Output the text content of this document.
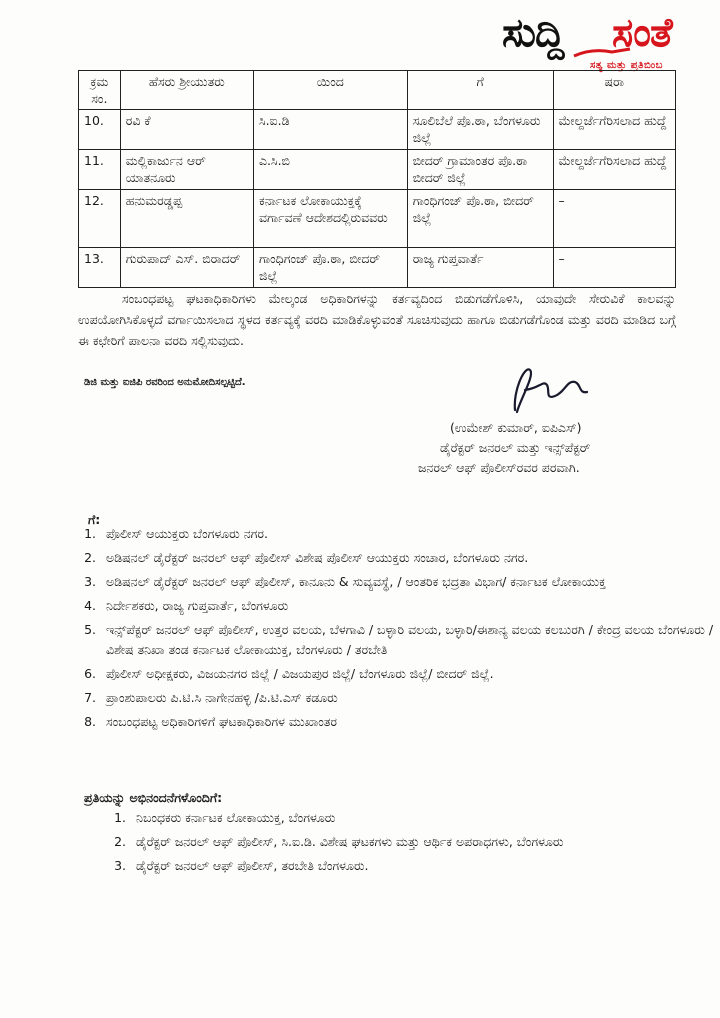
ಸುದ್ದಿ ಸಂತೆ
ಸತ್ಯ ಮತ್ತು ಪ್ರತಿಬಿಂಬ
ಕ್ರಮ ಸಂ.	ಹೆಸರು ಶ್ರೀಯುತರು	ಯಿಂದ	ಗೆ	ಷರಾ
10.	ರವಿ ಕೆ	ಸಿ.ಐ.ಡಿ	ಸೂಲಿಬೆಲೆ ಪೊ.ಠಾ, ಬೆಂಗಳೂರು ಜಿಲ್ಲೆ	ಮೇಲ್ದರ್ಜೆಗೆರಿಸಲಾದ ಹುದ್ದೆ
11.	ಮಲ್ಲಿಕಾರ್ಜುನ ಆರ್ ಯಾತನೂರು	ಎ.ಸಿ.ಬಿ	ಬೀದರ್ ಗ್ರಾಮಾಂತರ ಪೊ.ಠಾ ಬೀದರ್ ಜಿಲ್ಲೆ	ಮೇಲ್ದರ್ಜೆಗೆರಿಸಲಾದ ಹುದ್ದೆ
12.	ಹನುಮರಡ್ಡಪ್ಪ	ಕರ್ನಾಟಕ ಲೋಕಾಯುಕ್ತಕ್ಕೆ ವರ್ಗಾವಣೆ ಆದೇಶದಲ್ಲಿರುವವರು	ಗಾಂಧಿಗಂಜ್ ಪೊ.ಠಾ, ಬೀದರ್ ಜಿಲ್ಲೆ	–
13.	ಗುರುಪಾದ್ ಎಸ್. ಬಿರಾದರ್	ಗಾಂಧಿಗಂಜ್ ಪೊ.ಠಾ, ಬೀದರ್ ಜಿಲ್ಲೆ	ರಾಜ್ಯ ಗುಪ್ತವಾರ್ತೆ	–
ಸಂಬಂಧಪಟ್ಟ ಘಟಕಾಧಿಕಾರಿಗಳು ಮೇಲ್ಕಂಡ ಅಧಿಕಾರಿಗಳನ್ನು ಕರ್ತವ್ಯದಿಂದ ಬಿಡುಗಡೆಗೊಳಿಸಿ, ಯಾವುದೇ ಸೇರುವಿಕೆ ಕಾಲವನ್ನು ಉಪಯೋಗಿಸಿಕೊಳ್ಳದೆ ವರ್ಗಾಯಿಸಲಾದ ಸ್ಥಳದ ಕರ್ತವ್ಯಕ್ಕೆ ವರದಿ ಮಾಡಿಕೊಳ್ಳುವಂತೆ ಸೂಚಿಸುವುದು ಹಾಗೂ ಬಿಡುಗಡೆಗೊಂಡ ಮತ್ತು ವರದಿ ಮಾಡಿದ ಬಗ್ಗೆ ಈ ಕಛೇರಿಗೆ ಪಾಲನಾ ವರದಿ ಸಲ್ಲಿಸುವುದು.
ಡಿಜಿ ಮತ್ತು ಐಜಿಪಿ ರವರಿಂದ ಅನುಮೋದಿಸಲ್ಪಟ್ಟಿದೆ.
(ಉಮೇಶ್ ಕುಮಾರ್, ಐಪಿಎಸ್)
ಡೈರೆಕ್ಟರ್ ಜನರಲ್ ಮತ್ತು ಇನ್ಸ್‌ಪೆಕ್ಟರ್
ಜನರಲ್ ಆಫ್ ಪೊಲೀಸ್‌ರವರ ಪರವಾಗಿ.
ಗೆ:
1. ಪೊಲೀಸ್ ಆಯುಕ್ತರು ಬೆಂಗಳೂರು ನಗರ.
2. ಅಡಿಷನಲ್ ಡೈರೆಕ್ಟರ್ ಜನರಲ್ ಆಫ್ ಪೊಲೀಸ್ ವಿಶೇಷ ಪೊಲೀಸ್ ಆಯುಕ್ತರು ಸಂಚಾರ, ಬೆಂಗಳೂರು ನಗರ.
3. ಅಡಿಷನಲ್ ಡೈರೆಕ್ಟರ್ ಜನರಲ್ ಆಫ್ ಪೊಲೀಸ್, ಕಾನೂನು & ಸುವ್ಯವಸ್ಥೆ, / ಆಂತರಿಕ ಭದ್ರತಾ ವಿಭಾಗ/ ಕರ್ನಾಟಕ ಲೋಕಾಯುಕ್ತ
4. ನಿರ್ದೇಶಕರು, ರಾಜ್ಯ ಗುಪ್ತವಾರ್ತೆ, ಬೆಂಗಳೂರು
5. ಇನ್ಸ್‌ಪೆಕ್ಟರ್ ಜನರಲ್ ಆಫ್ ಪೊಲೀಸ್, ಉತ್ತರ ವಲಯ, ಬೆಳಗಾವಿ / ಬಳ್ಳಾರಿ ವಲಯ, ಬಳ್ಳಾರಿ/ಈಶಾನ್ಯ ವಲಯ ಕಲಬುರಗಿ / ಕೇಂದ್ರ ವಲಯ ಬೆಂಗಳೂರು / ವಿಶೇಷ ತನಿಖಾ ತಂಡ ಕರ್ನಾಟಕ ಲೋಕಾಯುಕ್ತ, ಬೆಂಗಳೂರು / ತರಬೇತಿ
6. ಪೊಲೀಸ್ ಅಧೀಕ್ಷಕರು, ವಿಜಯನಗರ ಜಿಲ್ಲೆ / ವಿಜಯಪುರ ಜಿಲ್ಲೆ/ ಬೆಂಗಳೂರು ಜಿಲ್ಲೆ/ ಬೀದರ್ ಜಿಲ್ಲೆ.
7. ಪ್ರಾಂಶುಪಾಲರು ಪಿ.ಟಿ.ಸಿ ನಾಗೇನಹಳ್ಳಿ /ಪಿ.ಟಿ.ಎಸ್ ಕಡೂರು
8. ಸಂಬಂಧಪಟ್ಟ ಅಧಿಕಾರಿಗಳಿಗೆ ಘಟಕಾಧಿಕಾರಿಗಳ ಮುಖಾಂತರ
ಪ್ರತಿಯನ್ನು ಅಭಿನಂದನೆಗಳೊಂದಿಗೆ:
1. ನಿಬಂಧಕರು ಕರ್ನಾಟಕ ಲೋಕಾಯುಕ್ತ, ಬೆಂಗಳೂರು
2. ಡೈರೆಕ್ಟರ್ ಜನರಲ್ ಆಫ್ ಪೊಲೀಸ್, ಸಿ.ಐ.ಡಿ. ವಿಶೇಷ ಘಟಕಗಳು ಮತ್ತು ಆರ್ಥಿಕ ಅಪರಾಧಗಳು, ಬೆಂಗಳೂರು
3. ಡೈರೆಕ್ಟರ್ ಜನರಲ್ ಆಫ್ ಪೊಲೀಸ್, ತರಬೇತಿ ಬೆಂಗಳೂರು.
